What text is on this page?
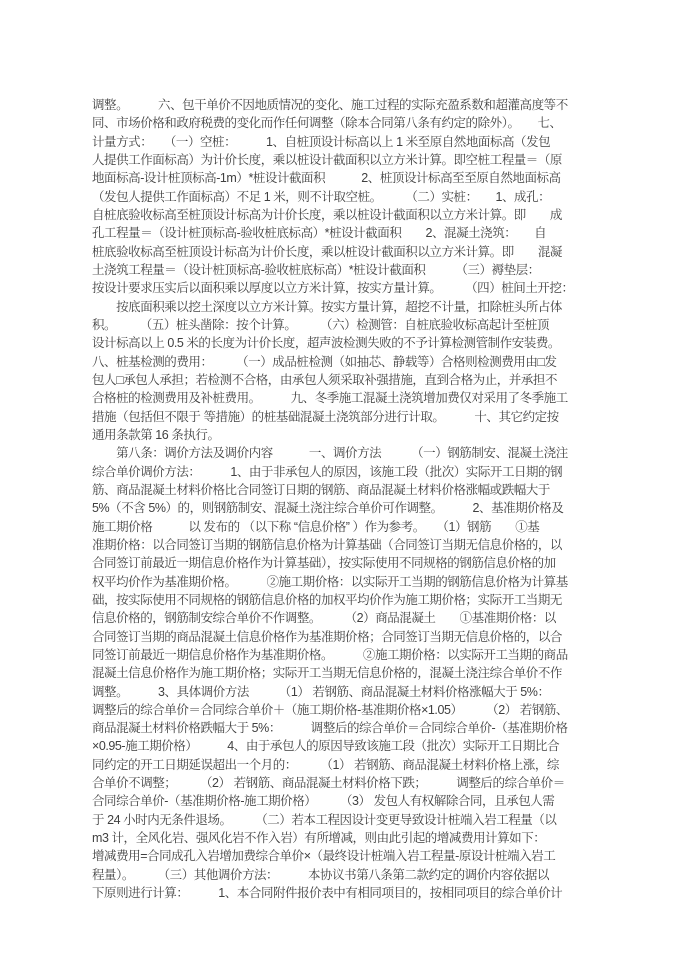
调整。　　　六、包干单价不因地质情况的变化、施工过程的实际充盈系数和超灌高度等不
同、市场价格和政府税费的变化而作任何调整（除本合同第八条有约定的除外）。　　七、
计量方式：　　（一）空桩：　　　1、自桩顶设计标高以上 1 米至原自然地面标高（发包
人提供工作面标高）为计价长度，乘以桩设计截面积以立方米计算。即空桩工程量＝（原
地面标高-设计桩顶标高-1m）*桩设计截面积　　　2、桩顶设计标高至至原自然地面标高
（发包人提供工作面标高）不足 1 米，则不计取空桩。　　　（二）实桩：　　1、成孔：
自桩底验收标高至桩顶设计标高为计价长度，乘以桩设计截面积以立方米计算。即　　成
孔工程量＝（设计桩顶标高-验收桩底标高）*桩设计截面积　　2、混凝土浇筑：　　自
桩底验收标高至桩顶设计标高为计价长度，乘以桩设计截面积以立方米计算。即　　混凝
土浇筑工程量＝（设计桩顶标高-验收桩底标高）*桩设计截面积　　　（三）褥垫层：
按设计要求压实后以面积乘以厚度以立方米计算，按实方量计算。　　　（四）桩间土开挖：
　　按底面积乘以挖土深度以立方米计算。按实方量计算，超挖不计量，扣除桩头所占体
积。　　　（五）桩头凿除：按个计算。　　　（六）检测管：自桩底验收标高起计至桩顶
设计标高以上 0.5 米的长度为计价长度，超声波检测失败的不予计算检测管制作安装费。
八、桩基检测的费用：　　　（一）成品桩检测（如抽芯、静载等）合格则检测费用由□发
包人□承包人承担；若检测不合格，由承包人须采取补强措施，直到合格为止，并承担不
合格桩的检测费用及补桩费用。　　　九、冬季施工混凝土浇筑增加费仅对采用了冬季施工
措施（包括但不限于 等措施）的桩基础混凝土浇筑部分进行计取。　　　十、其它约定按
通用条款第 16 条执行。
　　第八条：调价方法及调价内容　　　一、调价方法　　　（一）钢筋制安、混凝土浇注
综合单价调价方法：　　　1、由于非承包人的原因，该施工段（批次）实际开工日期的钢
筋、商品混凝土材料价格比合同签订日期的钢筋、商品混凝土材料价格涨幅或跌幅大于
5%（不含 5%）的，则钢筋制安、混凝土浇注综合单价可作调整。　　　2、基准期价格及
施工期价格　　　以 发布的 （以下称 “信息价格” ）作为参考。　　（1）钢筋　　①基
准期价格：以合同签订当期的钢筋信息价格为计算基础（合同签订当期无信息价格的，以
合同签订前最近一期信息价格作为计算基础），按实际使用不同规格的钢筋信息价格的加
权平均价作为基准期价格。　　　②施工期价格：以实际开工当期的钢筋信息价格为计算基
础，按实际使用不同规格的钢筋信息价格的加权平均价作为施工期价格；实际开工当期无
信息价格的，钢筋制安综合单价不作调整。　　　（2）商品混凝土　　①基准期价格：以
合同签订当期的商品混凝土信息价格作为基准期价格；合同签订当期无信息价格的，以合
同签订前最近一期信息价格作为基准期价格。　　　②施工期价格：以实际开工当期的商品
混凝土信息价格作为施工期价格；实际开工当期无信息价格的，混凝土浇注综合单价不作
调整。　　　3、具体调价方法　　　（1） 若钢筋、商品混凝土材料价格涨幅大于 5%：
调整后的综合单价＝合同综合单价＋（施工期价格-基准期价格×1.05）　　　（2） 若钢筋、
商品混凝土材料价格跌幅大于 5%：　　　调整后的综合单价＝合同综合单价-（基准期价格
×0.95-施工期价格）　　　4、由于承包人的原因导致该施工段（批次）实际开工日期比合
同约定的开工日期延误超出一个月的：　　　（1） 若钢筋、商品混凝土材料价格上涨，综
合单价不调整；　　　（2） 若钢筋、商品混凝土材料价格下跌；　　　调整后的综合单价＝
合同综合单价-（基准期价格-施工期价格）　　　（3） 发包人有权解除合同，且承包人需
于 24 小时内无条件退场。　　　（二）若本工程因设计变更导致设计桩端入岩工程量（以
m3 计，全风化岩、强风化岩不作入岩）有所增减，则由此引起的增减费用计算如下：
增减费用=合同成孔入岩增加费综合单价×（最终设计桩端入岩工程量-原设计桩端入岩工
程量）。　　　（三）其他调价方法：　　　本协议书第八条第二款约定的调价内容依据以
下原则进行计算：　　　1、本合同附件报价表中有相同项目的，按相同项目的综合单价计
